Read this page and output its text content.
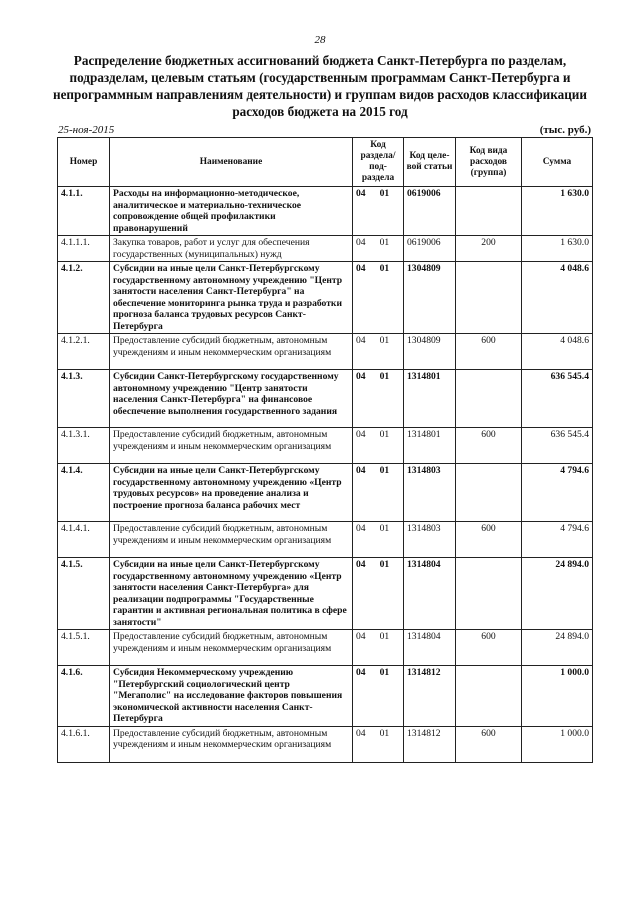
28
Распределение бюджетных ассигнований бюджета Санкт-Петербурга по разделам,
подразделам, целевым статьям (государственным программам Санкт-Петербурга и
непрограммным направлениям деятельности) и группам видов расходов классификации
расходов бюджета на 2015 год
25-ноя-2015	(тыс. руб.)
Номер	Наименование	Код раздела/ под-раздела	Код целе-вой статьи	Код вида расходов (группа)	Сумма
4.1.1.	Расходы на информационно-методическое, аналитическое и материально-техническое сопровождение общей профилактики правонарушений	04 01	0619006		1 630.0
4.1.1.1.	Закупка товаров, работ и услуг для обеспечения государственных (муниципальных) нужд	04 01	0619006	200	1 630.0
4.1.2.	Субсидии на иные цели Санкт-Петербургскому государственному автономному учреждению "Центр занятости населения Санкт-Петербурга" на обеспечение мониторинга рынка труда и разработки прогноза баланса трудовых ресурсов Санкт-Петербурга	04 01	1304809		4 048.6
4.1.2.1.	Предоставление субсидий бюджетным, автономным учреждениям и иным некоммерческим организациям	04 01	1304809	600	4 048.6
4.1.3.	Субсидии Санкт-Петербургскому государственному автономному учреждению "Центр занятости населения Санкт-Петербурга" на финансовое обеспечение выполнения государственного задания	04 01	1314801		636 545.4
4.1.3.1.	Предоставление субсидий бюджетным, автономным учреждениям и иным некоммерческим организациям	04 01	1314801	600	636 545.4
4.1.4.	Субсидии на иные цели Санкт-Петербургскому государственному автономному учреждению «Центр трудовых ресурсов» на проведение анализа и построение прогноза баланса рабочих мест	04 01	1314803		4 794.6
4.1.4.1.	Предоставление субсидий бюджетным, автономным учреждениям и иным некоммерческим организациям	04 01	1314803	600	4 794.6
4.1.5.	Субсидии на иные цели Санкт-Петербургскому государственному автономному учреждению «Центр занятости населения Санкт-Петербурга» для реализации подпрограммы "Государственные гарантии и активная региональная политика в сфере занятости"	04 01	1314804		24 894.0
4.1.5.1.	Предоставление субсидий бюджетным, автономным учреждениям и иным некоммерческим организациям	04 01	1314804	600	24 894.0
4.1.6.	Субсидия Некоммерческому учреждению "Петербургский социологический центр "Мегаполис" на исследование факторов повышения экономической активности населения Санкт-Петербурга	04 01	1314812		1 000.0
4.1.6.1.	Предоставление субсидий бюджетным, автономным учреждениям и иным некоммерческим организациям	04 01	1314812	600	1 000.0
